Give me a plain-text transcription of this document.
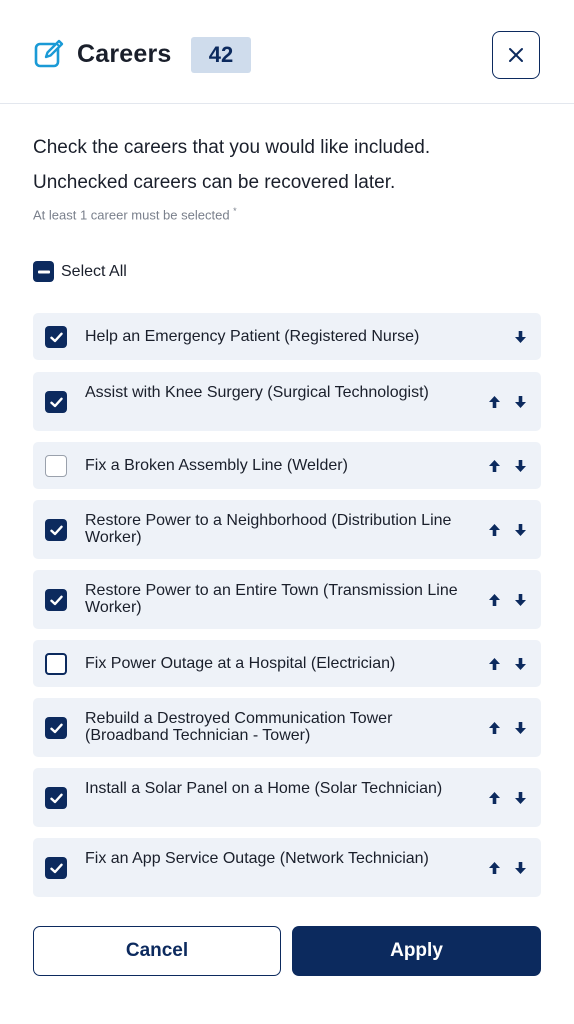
Careers	42
Check the careers that you would like included.
Unchecked careers can be recovered later.
At least 1 career must be selected *
Select All
Help an Emergency Patient (Registered Nurse)
Assist with Knee Surgery (Surgical Technologist)
Fix a Broken Assembly Line (Welder)
Restore Power to a Neighborhood (Distribution Line Worker)
Restore Power to an Entire Town (Transmission Line Worker)
Fix Power Outage at a Hospital (Electrician)
Rebuild a Destroyed Communication Tower (Broadband Technician - Tower)
Install a Solar Panel on a Home (Solar Technician)
Fix an App Service Outage (Network Technician)
Cancel	Apply
